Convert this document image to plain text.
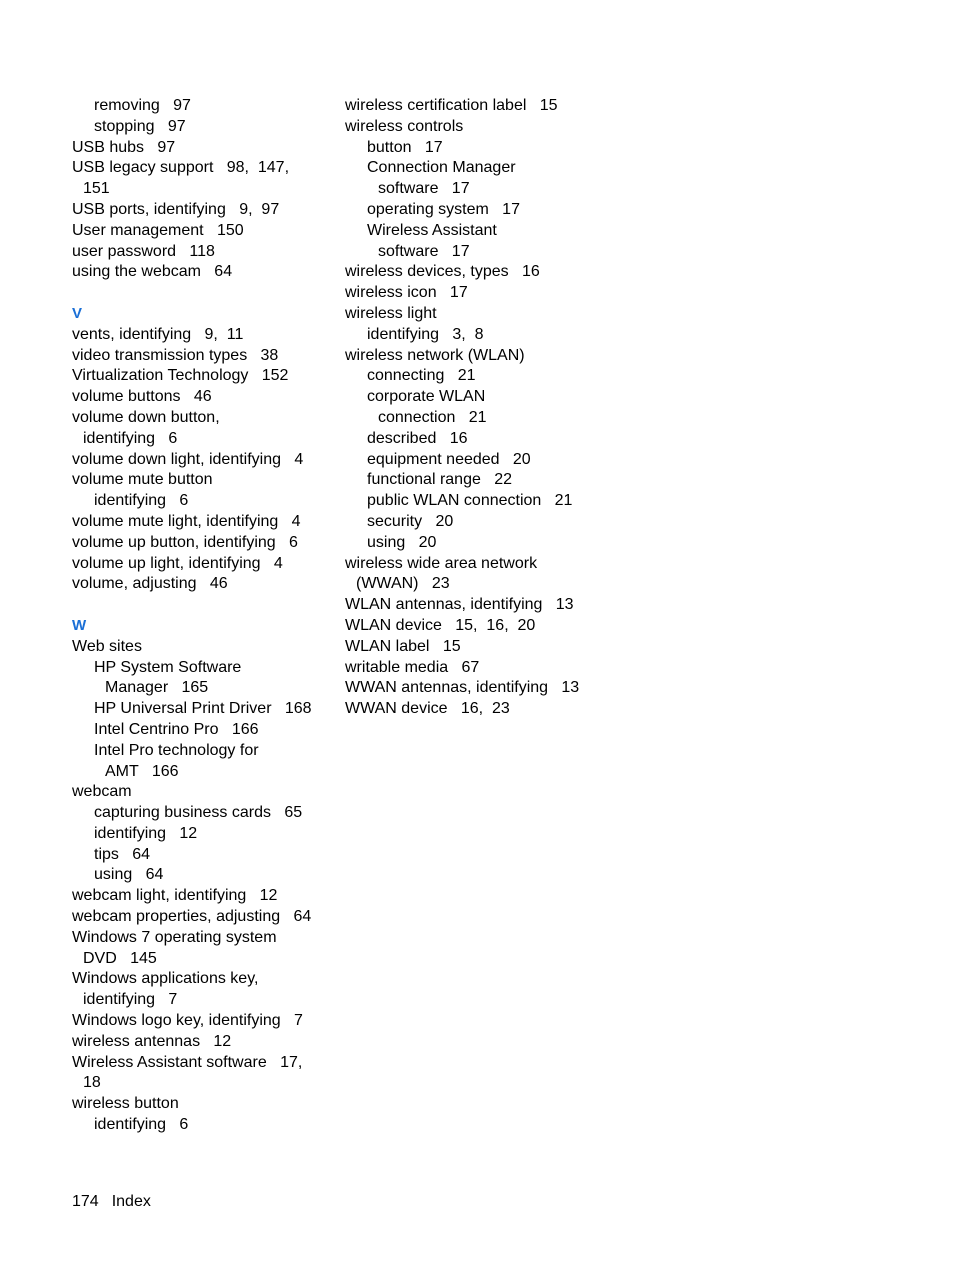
removing   97
stopping   97
USB hubs   97
USB legacy support   98,  147,
151
USB ports, identifying   9,  97
User management   150
user password   118
using the webcam   64
V
vents, identifying   9,  11
video transmission types   38
Virtualization Technology   152
volume buttons   46
volume down button,
identifying   6
volume down light, identifying   4
volume mute button
identifying   6
volume mute light, identifying   4
volume up button, identifying   6
volume up light, identifying   4
volume, adjusting   46
W
Web sites
HP System Software
Manager   165
HP Universal Print Driver   168
Intel Centrino Pro   166
Intel Pro technology for
AMT   166
webcam
capturing business cards   65
identifying   12
tips   64
using   64
webcam light, identifying   12
webcam properties, adjusting   64
Windows 7 operating system
DVD   145
Windows applications key,
identifying   7
Windows logo key, identifying   7
wireless antennas   12
Wireless Assistant software   17,
18
wireless button
identifying   6
wireless certification label   15
wireless controls
button   17
Connection Manager
software   17
operating system   17
Wireless Assistant
software   17
wireless devices, types   16
wireless icon   17
wireless light
identifying   3,  8
wireless network (WLAN)
connecting   21
corporate WLAN
connection   21
described   16
equipment needed   20
functional range   22
public WLAN connection   21
security   20
using   20
wireless wide area network
(WWAN)   23
WLAN antennas, identifying   13
WLAN device   15,  16,  20
WLAN label   15
writable media   67
WWAN antennas, identifying   13
WWAN device   16,  23
174 Index
